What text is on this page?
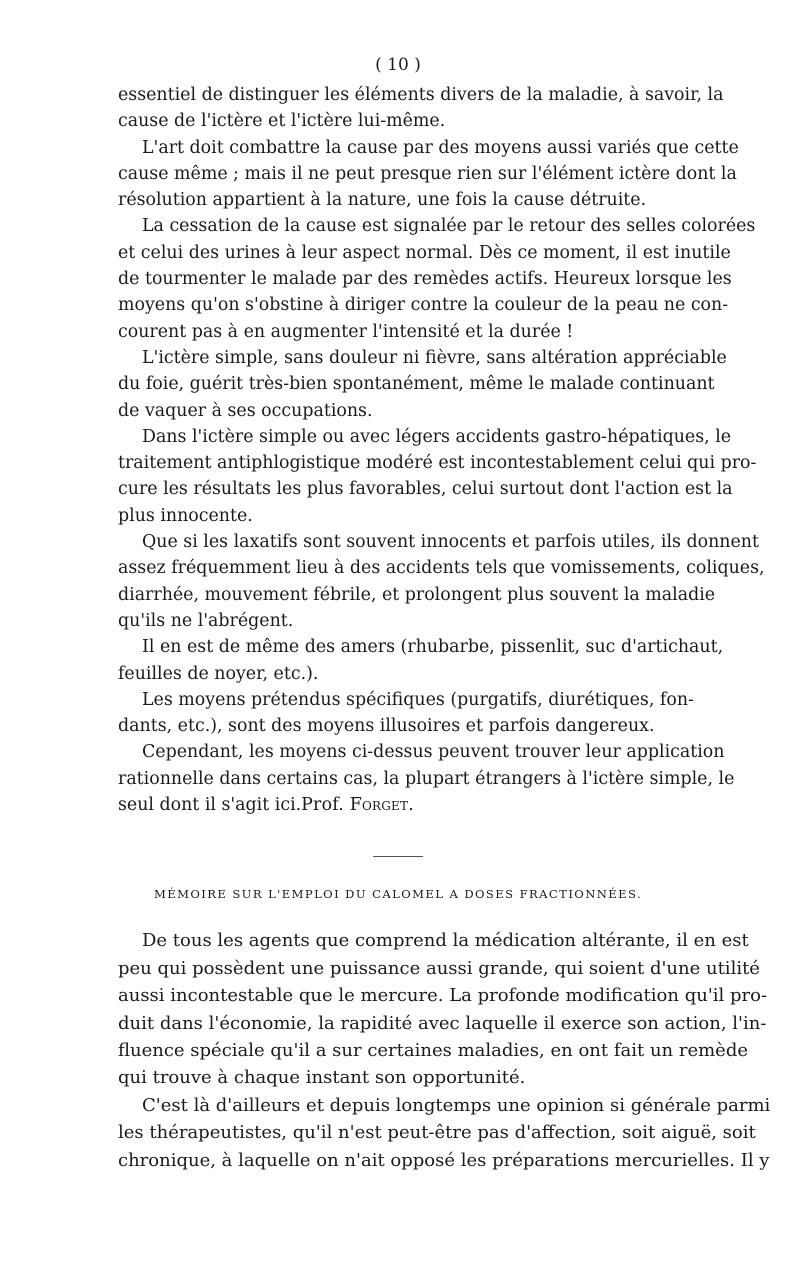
( 10 )

essentiel de distinguer les éléments divers de la maladie, à savoir, la
cause de l'ictère et l'ictère lui-même.

L'art doit combattre la cause par des moyens aussi variés que cette
cause même ; mais il ne peut presque rien sur l'élément ictère dont la
résolution appartient à la nature, une fois la cause détruite.

La cessation de la cause est signalée par le retour des selles colorées
et celui des urines à leur aspect normal. Dès ce moment, il est inutile
de tourmenter le malade par des remèdes actifs. Heureux lorsque les
moyens qu'on s'obstine à diriger contre la couleur de la peau ne con-
courent pas à en augmenter l'intensité et la durée !

L'ictère simple, sans douleur ni fièvre, sans altération appréciable
du foie, guérit très-bien spontanément, même le malade continuant
de vaquer à ses occupations.

Dans l'ictère simple ou avec légers accidents gastro-hépatiques, le
traitement antiphlogistique modéré est incontestablement celui qui pro-
cure les résultats les plus favorables, celui surtout dont l'action est la
plus innocente.

Que si les laxatifs sont souvent innocents et parfois utiles, ils donnent
assez fréquemment lieu à des accidents tels que vomissements, coliques,
diarrhée, mouvement fébrile, et prolongent plus souvent la maladie
qu'ils ne l'abrégent.

Il en est de même des amers (rhubarbe, pissenlit, suc d'artichaut,
feuilles de noyer, etc.).

Les moyens prétendus spécifiques (purgatifs, diurétiques, fon-
dants, etc.), sont des moyens illusoires et parfois dangereux.

Cependant, les moyens ci-dessus peuvent trouver leur application
rationnelle dans certains cas, la plupart étrangers à l'ictère simple, le
seul dont il s'agit ici.Prof. Forget.

MÉMOIRE SUR L'EMPLOI DU CALOMEL A DOSES FRACTIONNÉES.

De tous les agents que comprend la médication altérante, il en est
peu qui possèdent une puissance aussi grande, qui soient d'une utilité
aussi incontestable que le mercure. La profonde modification qu'il pro-
duit dans l'économie, la rapidité avec laquelle il exerce son action, l'in-
fluence spéciale qu'il a sur certaines maladies, en ont fait un remède
qui trouve à chaque instant son opportunité.

C'est là d'ailleurs et depuis longtemps une opinion si générale parmi
les thérapeutistes, qu'il n'est peut-être pas d'affection, soit aiguë, soit
chronique, à laquelle on n'ait opposé les préparations mercurielles. Il y
